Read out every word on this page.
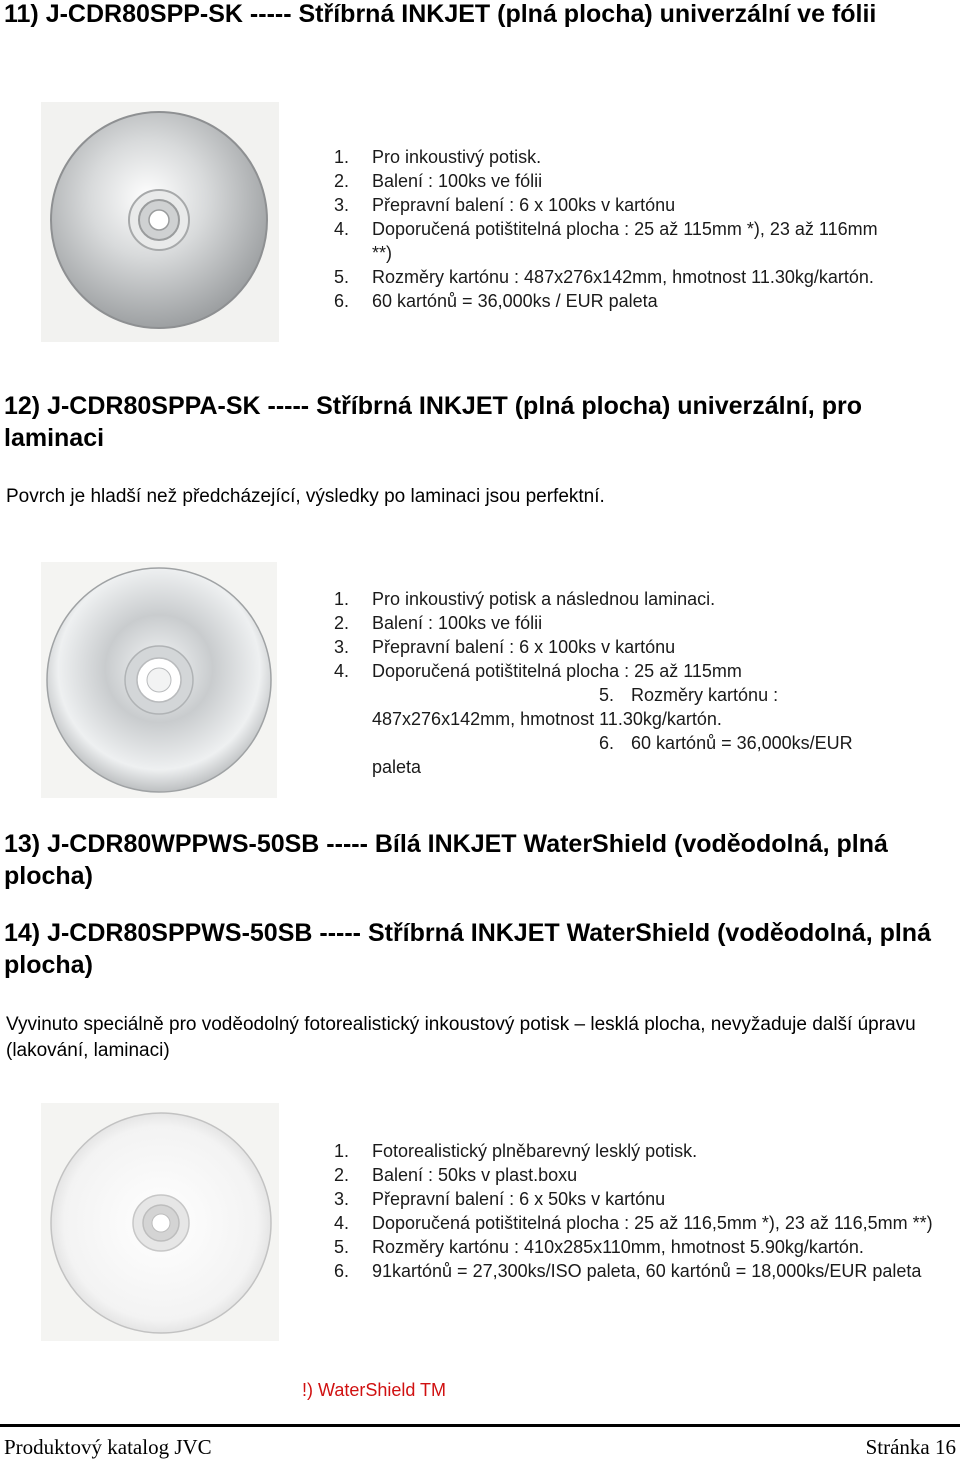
11) J-CDR80SPP-SK ----- Stříbrná INKJET (plná plocha) univerzální ve fólii
1. Pro inkoustivý potisk.
2. Balení : 100ks ve fólii
3. Přepravní balení : 6 x 100ks v kartónu
4. Doporučená potištitelná plocha : 25 až 115mm *), 23 až 116mm **)
5. Rozměry kartónu : 487x276x142mm, hmotnost 11.30kg/kartón.
6. 60 kartónů = 36,000ks / EUR paleta
12) J-CDR80SPPA-SK ----- Stříbrná INKJET (plná plocha) univerzální, pro laminaci

Povrch je hladší než předcházející, výsledky po laminaci jsou perfektní.

1. Pro inkoustivý potisk a následnou laminaci.
2. Balení : 100ks ve fólii
3. Přepravní balení : 6 x 100ks v kartónu
4. Doporučená potištitelná plocha : 25 až 115mm
5. Rozměry kartónu :
487x276x142mm, hmotnost 11.30kg/kartón.
6. 60 kartónů = 36,000ks/EUR
paleta
13) J-CDR80WPPWS-50SB ----- Bílá INKJET WaterShield (voděodolná, plná plocha)
14) J-CDR80SPPWS-50SB ----- Stříbrná INKJET WaterShield (voděodolná, plná plocha)

Vyvinuto speciálně pro voděodolný fotorealistický inkoustový potisk – lesklá plocha, nevyžaduje další úpravu (lakování, laminaci)

1. Fotorealistický plněbarevný lesklý potisk.
2. Balení : 50ks v plast.boxu
3. Přepravní balení : 6 x 50ks v kartónu
4. Doporučená potištitelná plocha : 25 až 116,5mm *), 23 až 116,5mm **)
5. Rozměry kartónu : 410x285x110mm, hmotnost 5.90kg/kartón.
6. 91kartónů = 27,300ks/ISO paleta, 60 kartónů = 18,000ks/EUR paleta
!) WaterShield TM
Produktový katalog JVC	Stránka 16
